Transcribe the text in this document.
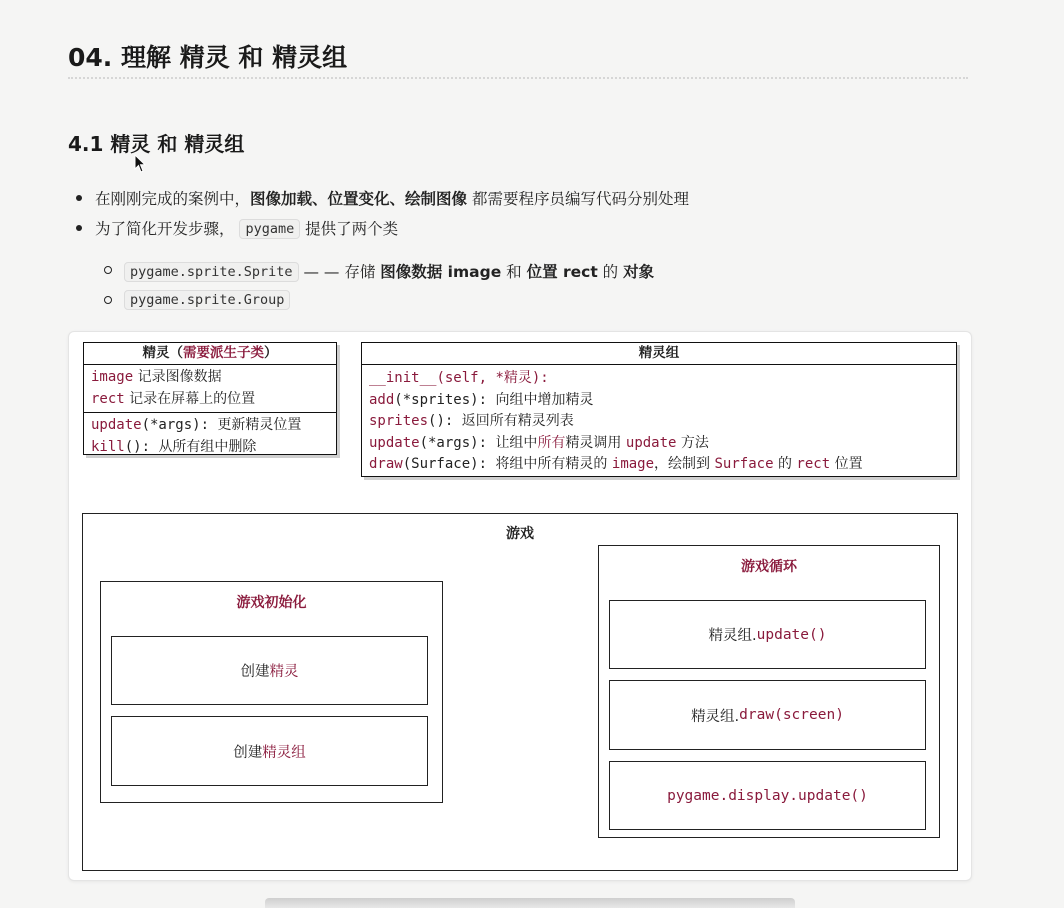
04. 理解 精灵 和 精灵组
4.1 精灵 和 精灵组
在刚刚完成的案例中，图像加载、位置变化、绘制图像 都需要程序员编写代码分别处理
为了简化开发步骤， pygame 提供了两个类
pygame.sprite.Sprite — — 存储 图像数据 image 和 位置 rect 的 对象
pygame.sprite.Group
精灵（需要派生子类）
image 记录图像数据
rect 记录在屏幕上的位置
update(*args): 更新精灵位置
kill(): 从所有组中删除
精灵组
__init__(self, *精灵):
add(*sprites): 向组中增加精灵
sprites(): 返回所有精灵列表
update(*args): 让组中所有精灵调用 update 方法
draw(Surface): 将组中所有精灵的 image，绘制到 Surface 的 rect 位置
游戏
游戏初始化
创建 精灵
创建 精灵组
游戏循环
精灵组. update()
精灵组. draw(screen)
pygame.display.update()
